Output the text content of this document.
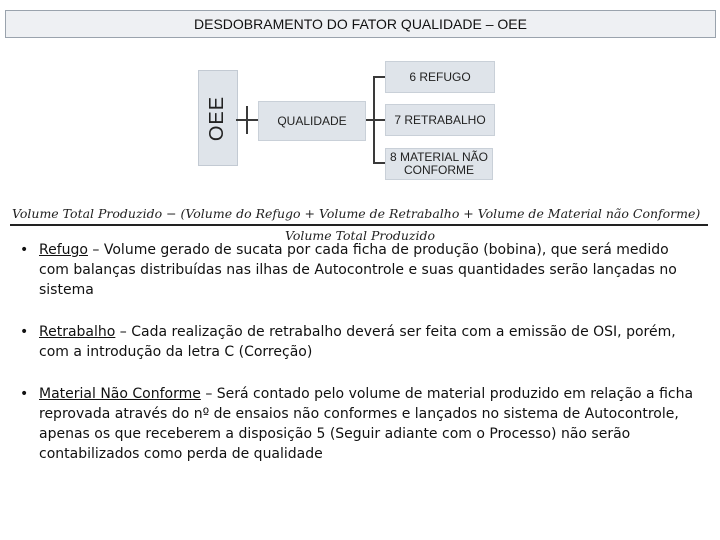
DESDOBRAMENTO DO FATOR QUALIDADE – OEE
OEE	QUALIDADE
6 REFUGO
7 RETRABALHO
8 MATERIAL NÃO CONFORME
Volume Total Produzido − (Volume do Refugo + Volume de Retrabalho + Volume de Material não Conforme)
Volume Total Produzido
• Refugo – Volume gerado de sucata por cada ficha de produção (bobina), que será medido com balanças distribuídas nas ilhas de Autocontrole e suas quantidades serão lançadas no sistema
• Retrabalho – Cada realização de retrabalho deverá ser feita com a emissão de OSI, porém, com a introdução da letra C (Correção)
• Material Não Conforme – Será contado pelo volume de material produzido em relação a ficha reprovada através do nº de ensaios não conformes e lançados no sistema de Autocontrole, apenas os que receberem a disposição 5 (Seguir adiante com o Processo) não serão contabilizados como perda de qualidade
